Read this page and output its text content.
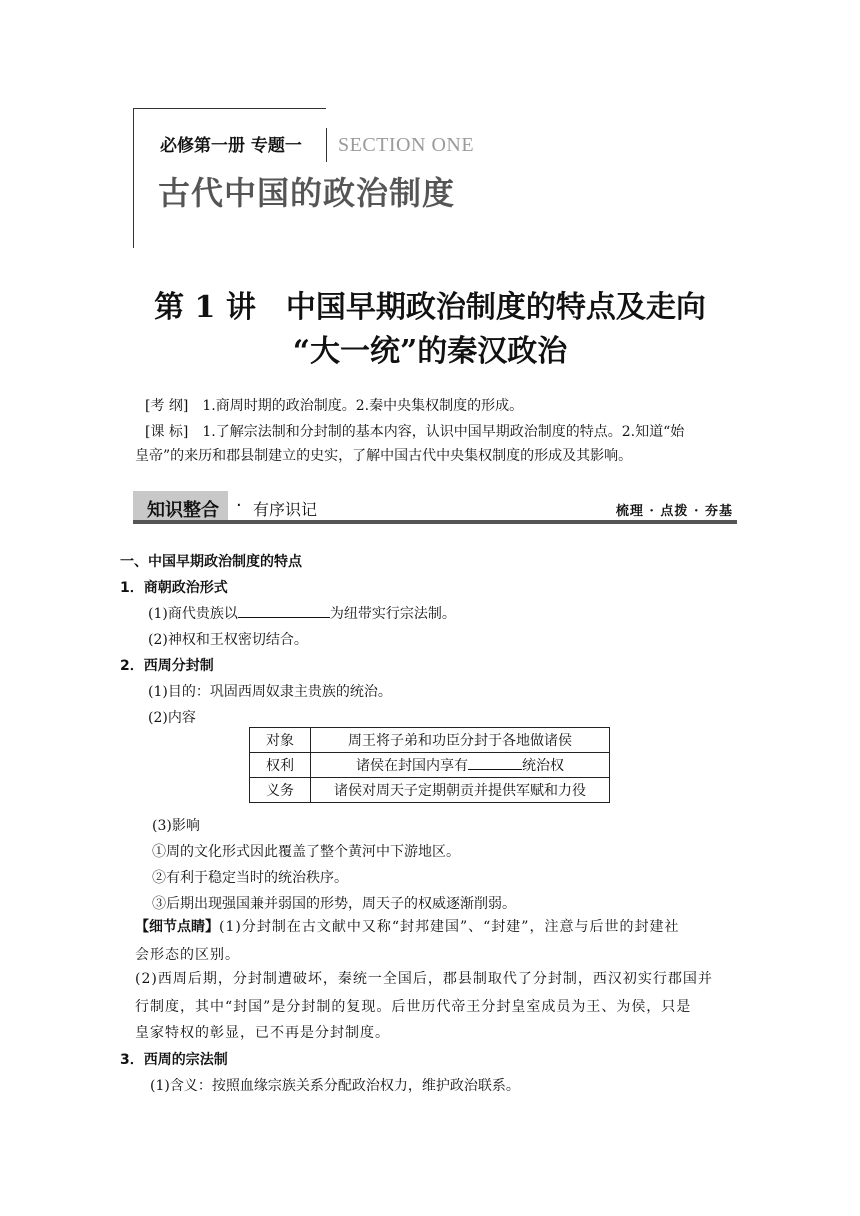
必修第一册 专题一 SECTION ONE
古代中国的政治制度
第 1 讲　中国早期政治制度的特点及走向
“大一统”的秦汉政治
[考 纲]　1.商周时期的政治制度。2.秦中央集权制度的形成。
[课 标]　1.了解宗法制和分封制的基本内容，认识中国早期政治制度的特点。2.知道“始
皇帝”的来历和郡县制建立的史实，了解中国古代中央集权制度的形成及其影响。
知识整合 · 有序识记	梳理 · 点拨 · 夯基
一、中国早期政治制度的特点
1．商朝政治形式
(1)商代贵族以	为纽带实行宗法制。
(2)神权和王权密切结合。
2．西周分封制
(1)目的：巩固西周奴隶主贵族的统治。
(2)内容
对象	周王将子弟和功臣分封于各地做诸侯
权利	诸侯在封国内享有 统治权
义务	诸侯对周天子定期朝贡并提供军赋和力役
(3)影响
①周的文化形式因此覆盖了整个黄河中下游地区。
②有利于稳定当时的统治秩序。
③后期出现强国兼并弱国的形势，周天子的权威逐渐削弱。
【细节点睛】(1)分封制在古文献中又称“封邦建国”、“封建”，注意与后世的封建社
会形态的区别。
(2)西周后期，分封制遭破坏，秦统一全国后，郡县制取代了分封制，西汉初实行郡国并
行制度，其中“封国”是分封制的复现。后世历代帝王分封皇室成员为王、为侯，只是
皇家特权的彰显，已不再是分封制度。
3．西周的宗法制
(1)含义：按照血缘宗族关系分配政治权力，维护政治联系。
